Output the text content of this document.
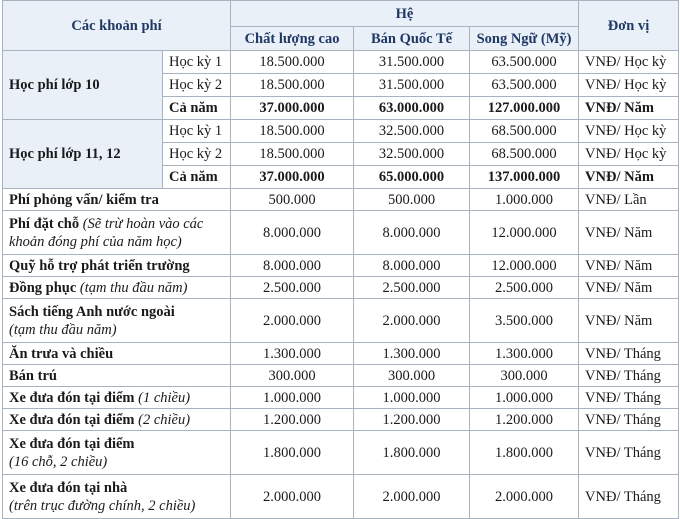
Các khoản phí		Hệ			Đơn vị
		Chất lượng cao	Bán Quốc Tế	Song Ngữ (Mỹ)	
Học phí lớp 10	Học kỳ 1	18.500.000	31.500.000	63.500.000	VNĐ/ Học kỳ
	Học kỳ 2	18.500.000	31.500.000	63.500.000	VNĐ/ Học kỳ
	Cả năm	37.000.000	63.000.000	127.000.000	VNĐ/ Năm
Học phí lớp 11, 12	Học kỳ 1	18.500.000	32.500.000	68.500.000	VNĐ/ Học kỳ
	Học kỳ 2	18.500.000	32.500.000	68.500.000	VNĐ/ Học kỳ
	Cả năm	37.000.000	65.000.000	137.000.000	VNĐ/ Năm
Phí phỏng vấn/ kiểm tra		500.000	500.000	1.000.000	VNĐ/ Lần
Phí đặt chỗ (Sẽ trừ hoàn vào các khoản đóng phí của năm học)		8.000.000	8.000.000	12.000.000	VNĐ/ Năm
Quỹ hỗ trợ phát triển trường		8.000.000	8.000.000	12.000.000	VNĐ/ Năm
Đồng phục (tạm thu đầu năm)		2.500.000	2.500.000	2.500.000	VNĐ/ Năm
Sách tiếng Anh nước ngoài
(tạm thu đầu năm)		2.000.000	2.000.000	3.500.000	VNĐ/ Năm
Ăn trưa và chiều		1.300.000	1.300.000	1.300.000	VNĐ/ Tháng
Bán trú		300.000	300.000	300.000	VNĐ/ Tháng
Xe đưa đón tại điểm (1 chiều)		1.000.000	1.000.000	1.000.000	VNĐ/ Tháng
Xe đưa đón tại điểm (2 chiều)		1.200.000	1.200.000	1.200.000	VNĐ/ Tháng
Xe đưa đón tại điểm
(16 chỗ, 2 chiều)		1.800.000	1.800.000	1.800.000	VNĐ/ Tháng
Xe đưa đón tại nhà
(trên trục đường chính, 2 chiều)		2.000.000	2.000.000	2.000.000	VNĐ/ Tháng
